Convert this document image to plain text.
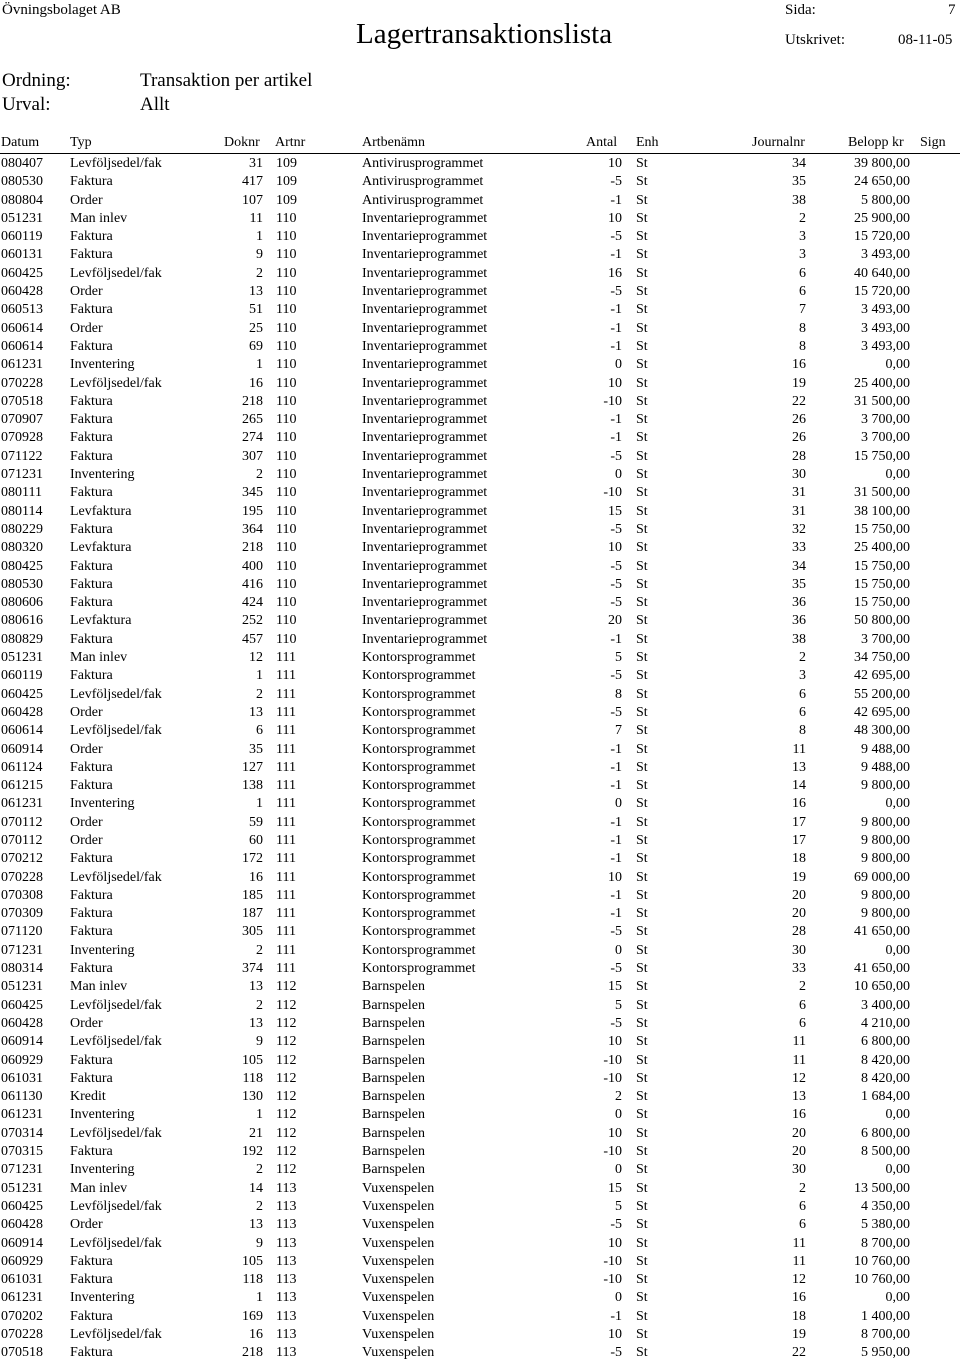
Övningsbolaget AB
Lagertransaktionslista
Sida:	7
Utskrivet:	08-11-05
Ordning:	Transaktion per artikel
Urval:	Allt
Datum Typ	Doknr Artnr	Artbenämn	Antal Enh	Journalnr	Belopp kr Sign
080407 Levföljsedel/fak	31 109	Antivirusprogrammet	10 St	34	39 800,00
080530 Faktura	417 109	Antivirusprogrammet	-5 St	35	24 650,00
080804 Order	107 109	Antivirusprogrammet	-1 St	38	5 800,00
051231 Man inlev	11 110	Inventarieprogrammet	10 St	2	25 900,00
060119 Faktura	1 110	Inventarieprogrammet	-5 St	3	15 720,00
060131 Faktura	9 110	Inventarieprogrammet	-1 St	3	3 493,00
060425 Levföljsedel/fak	2 110	Inventarieprogrammet	16 St	6	40 640,00
060428 Order	13 110	Inventarieprogrammet	-5 St	6	15 720,00
060513 Faktura	51 110	Inventarieprogrammet	-1 St	7	3 493,00
060614 Order	25 110	Inventarieprogrammet	-1 St	8	3 493,00
060614 Faktura	69 110	Inventarieprogrammet	-1 St	8	3 493,00
061231 Inventering	1 110	Inventarieprogrammet	0 St	16	0,00
070228 Levföljsedel/fak	16 110	Inventarieprogrammet	10 St	19	25 400,00
070518 Faktura	218 110	Inventarieprogrammet	-10 St	22	31 500,00
070907 Faktura	265 110	Inventarieprogrammet	-1 St	26	3 700,00
070928 Faktura	274 110	Inventarieprogrammet	-1 St	26	3 700,00
071122 Faktura	307 110	Inventarieprogrammet	-5 St	28	15 750,00
071231 Inventering	2 110	Inventarieprogrammet	0 St	30	0,00
080111 Faktura	345 110	Inventarieprogrammet	-10 St	31	31 500,00
080114 Levfaktura	195 110	Inventarieprogrammet	15 St	31	38 100,00
080229 Faktura	364 110	Inventarieprogrammet	-5 St	32	15 750,00
080320 Levfaktura	218 110	Inventarieprogrammet	10 St	33	25 400,00
080425 Faktura	400 110	Inventarieprogrammet	-5 St	34	15 750,00
080530 Faktura	416 110	Inventarieprogrammet	-5 St	35	15 750,00
080606 Faktura	424 110	Inventarieprogrammet	-5 St	36	15 750,00
080616 Levfaktura	252 110	Inventarieprogrammet	20 St	36	50 800,00
080829 Faktura	457 110	Inventarieprogrammet	-1 St	38	3 700,00
051231 Man inlev	12 111	Kontorsprogrammet	5 St	2	34 750,00
060119 Faktura	1 111	Kontorsprogrammet	-5 St	3	42 695,00
060425 Levföljsedel/fak	2 111	Kontorsprogrammet	8 St	6	55 200,00
060428 Order	13 111	Kontorsprogrammet	-5 St	6	42 695,00
060614 Levföljsedel/fak	6 111	Kontorsprogrammet	7 St	8	48 300,00
060914 Order	35 111	Kontorsprogrammet	-1 St	11	9 488,00
061124 Faktura	127 111	Kontorsprogrammet	-1 St	13	9 488,00
061215 Faktura	138 111	Kontorsprogrammet	-1 St	14	9 800,00
061231 Inventering	1 111	Kontorsprogrammet	0 St	16	0,00
070112 Order	59 111	Kontorsprogrammet	-1 St	17	9 800,00
070112 Order	60 111	Kontorsprogrammet	-1 St	17	9 800,00
070212 Faktura	172 111	Kontorsprogrammet	-1 St	18	9 800,00
070228 Levföljsedel/fak	16 111	Kontorsprogrammet	10 St	19	69 000,00
070308 Faktura	185 111	Kontorsprogrammet	-1 St	20	9 800,00
070309 Faktura	187 111	Kontorsprogrammet	-1 St	20	9 800,00
071120 Faktura	305 111	Kontorsprogrammet	-5 St	28	41 650,00
071231 Inventering	2 111	Kontorsprogrammet	0 St	30	0,00
080314 Faktura	374 111	Kontorsprogrammet	-5 St	33	41 650,00
051231 Man inlev	13 112	Barnspelen	15 St	2	10 650,00
060425 Levföljsedel/fak	2 112	Barnspelen	5 St	6	3 400,00
060428 Order	13 112	Barnspelen	-5 St	6	4 210,00
060914 Levföljsedel/fak	9 112	Barnspelen	10 St	11	6 800,00
060929 Faktura	105 112	Barnspelen	-10 St	11	8 420,00
061031 Faktura	118 112	Barnspelen	-10 St	12	8 420,00
061130 Kredit	130 112	Barnspelen	2 St	13	1 684,00
061231 Inventering	1 112	Barnspelen	0 St	16	0,00
070314 Levföljsedel/fak	21 112	Barnspelen	10 St	20	6 800,00
070315 Faktura	192 112	Barnspelen	-10 St	20	8 500,00
071231 Inventering	2 112	Barnspelen	0 St	30	0,00
051231 Man inlev	14 113	Vuxenspelen	15 St	2	13 500,00
060425 Levföljsedel/fak	2 113	Vuxenspelen	5 St	6	4 350,00
060428 Order	13 113	Vuxenspelen	-5 St	6	5 380,00
060914 Levföljsedel/fak	9 113	Vuxenspelen	10 St	11	8 700,00
060929 Faktura	105 113	Vuxenspelen	-10 St	11	10 760,00
061031 Faktura	118 113	Vuxenspelen	-10 St	12	10 760,00
061231 Inventering	1 113	Vuxenspelen	0 St	16	0,00
070202 Faktura	169 113	Vuxenspelen	-1 St	18	1 400,00
070228 Levföljsedel/fak	16 113	Vuxenspelen	10 St	19	8 700,00
070518 Faktura	218 113	Vuxenspelen	-5 St	22	5 950,00
